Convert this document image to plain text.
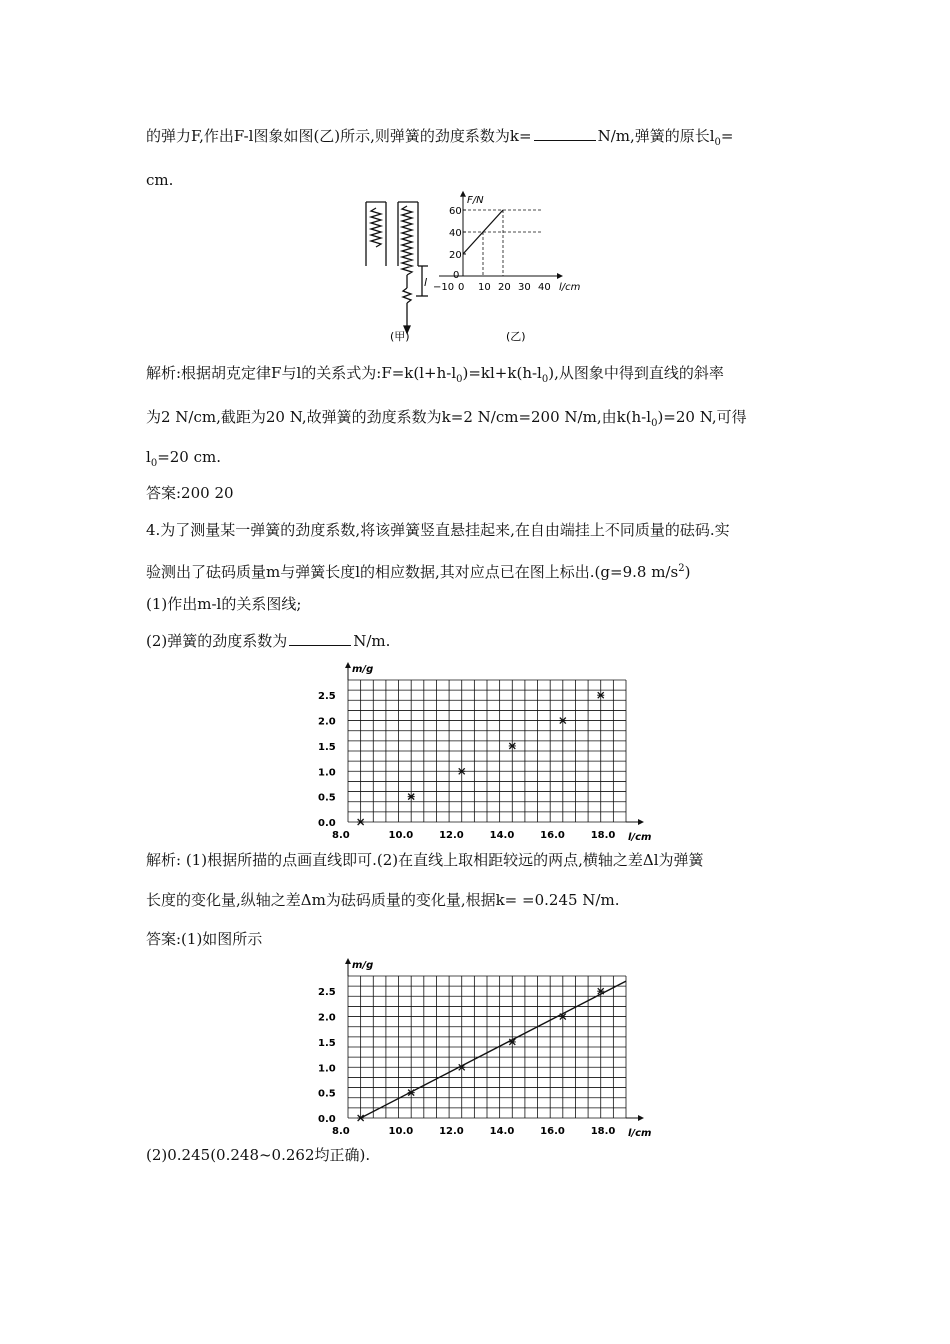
的弹力F,作出F-l图象如图(乙)所示,则弹簧的劲度系数为k=	N/m,弹簧的原长$l_0=$
cm.
l
(甲)
−10 0 10 20 30 40
20
40
60
0
l/cm
F/N
(乙)
解析:根据胡克定律F与l的关系式为$:F=k(l+h-l_0)=kl+k(h-l_0)$,从图象中得到直线的斜率
为2 N/cm,截距为20 N,故弹簧的劲度系数为k=2 N/cm=200 N/m,由$k(h-l_0)=20$ N,可得
$l_0=20$ cm.
答案:200 20
4.为了测量某一弹簧的劲度系数,将该弹簧竖直悬挂起来,在自由端挂上不同质量的砝码.实
验测出了砝码质量m与弹簧长度l的相应数据,其对应点已在图上标出.(g=9.8 $m/s^2$)
(1)作出m-l的关系图线;
(2)弹簧的劲度系数为	N/m.
m/g
l/cm
0.0
0.5
1.0
1.5
2.0
2.5
8.0	10.0	12.0	14.0	16.0	18.0
解析: (1)根据所描的点画直线即可.(2)在直线上取相距较远的两点,横轴之差Δl为弹簧
长度的变化量,纵轴之差Δm为砝码质量的变化量,根据k= =0.245 N/m.
答案:(1)如图所示
m/g
l/cm
0.0
0.5
1.0
1.5
2.0
2.5
8.0	10.0	12.0	14.0	16.0	18.0
(2)0.245(0.248~0.262均正确).
